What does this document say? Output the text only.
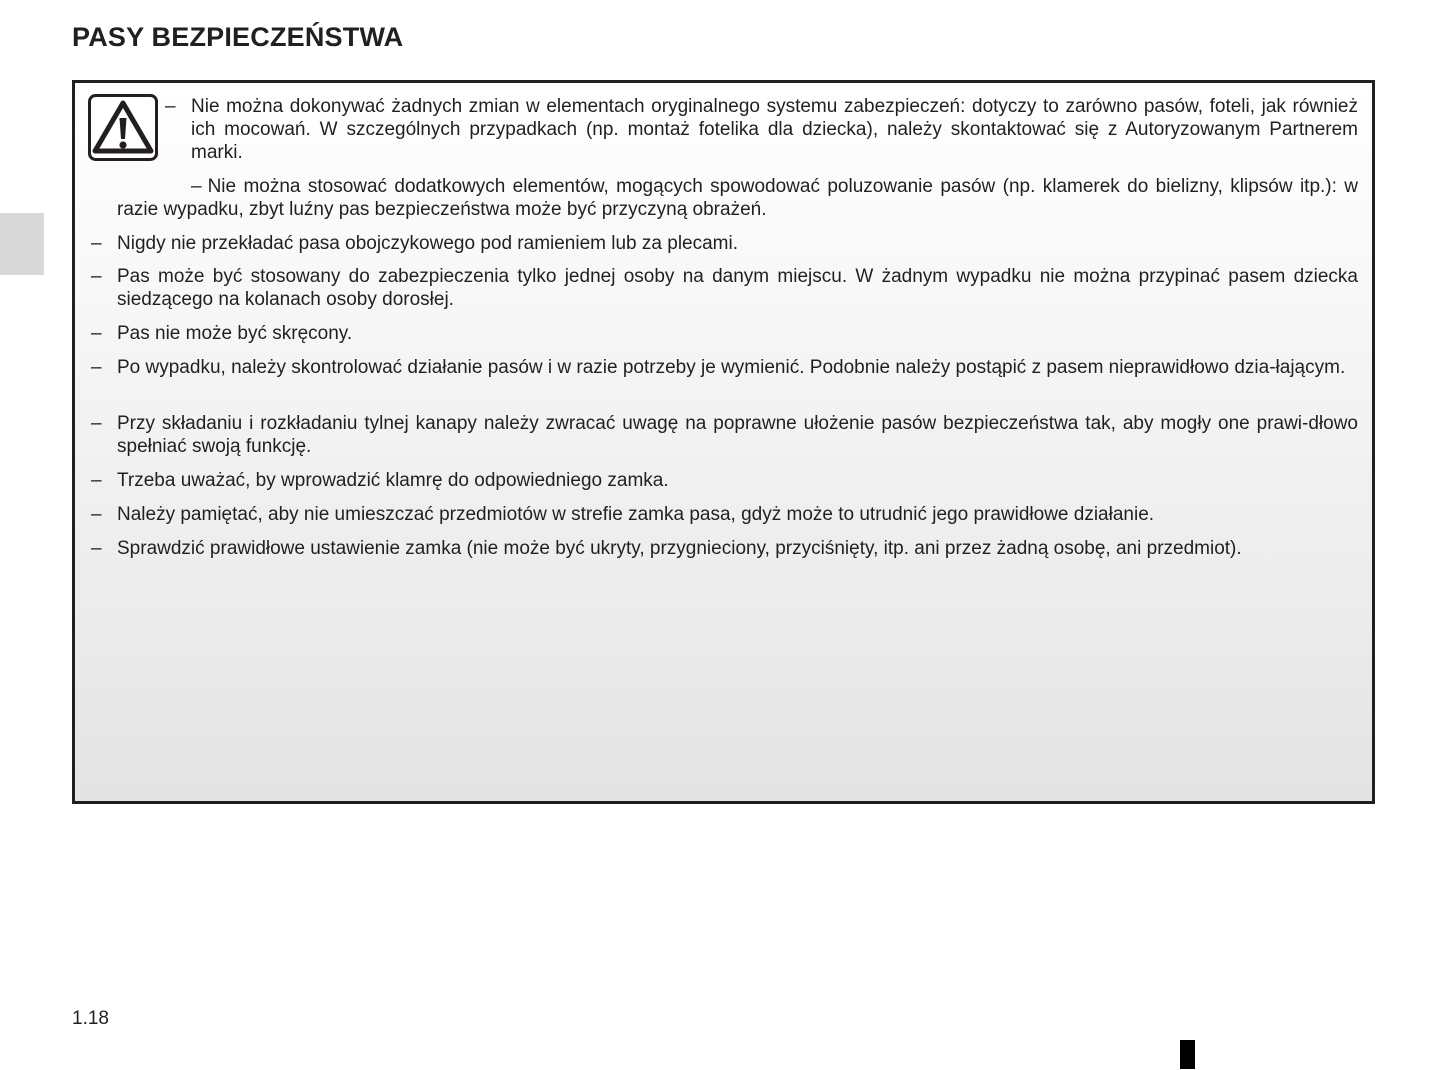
PASY BEZPIECZEŃSTWA
– Nie można dokonywać żadnych zmian w elementach oryginalnego systemu zabezpieczeń: dotyczy to zarówno pasów, foteli, jak również ich mocowań. W szczególnych przypadkach (np. montaż fotelika dla dziecka), należy skontaktować się z Autoryzowanym Partnerem marki.
– Nie można stosować dodatkowych elementów, mogących spowodować poluzowanie pasów (np. klamerek do bielizny, klipsów itp.): w razie wypadku, zbyt luźny pas bezpieczeństwa może być przyczyną obrażeń.
– Nigdy nie przekładać pasa obojczykowego pod ramieniem lub za plecami.
– Pas może być stosowany do zabezpieczenia tylko jednej osoby na danym miejscu. W żadnym wypadku nie można przypinać pasem dziecka siedzącego na kolanach osoby dorosłej.
– Pas nie może być skręcony.
– Po wypadku, należy skontrolować działanie pasów i w razie potrzeby je wymienić. Podobnie należy postąpić z pasem nieprawidłowo dzia-łającym.
– Przy składaniu i rozkładaniu tylnej kanapy należy zwracać uwagę na poprawne ułożenie pasów bezpieczeństwa tak, aby mogły one prawi-dłowo spełniać swoją funkcję.
– Trzeba uważać, by wprowadzić klamrę do odpowiedniego zamka.
– Należy pamiętać, aby nie umieszczać przedmiotów w strefie zamka pasa, gdyż może to utrudnić jego prawidłowe działanie.
– Sprawdzić prawidłowe ustawienie zamka (nie może być ukryty, przygnieciony, przyciśnięty, itp. ani przez żadną osobę, ani przedmiot).
1.18
